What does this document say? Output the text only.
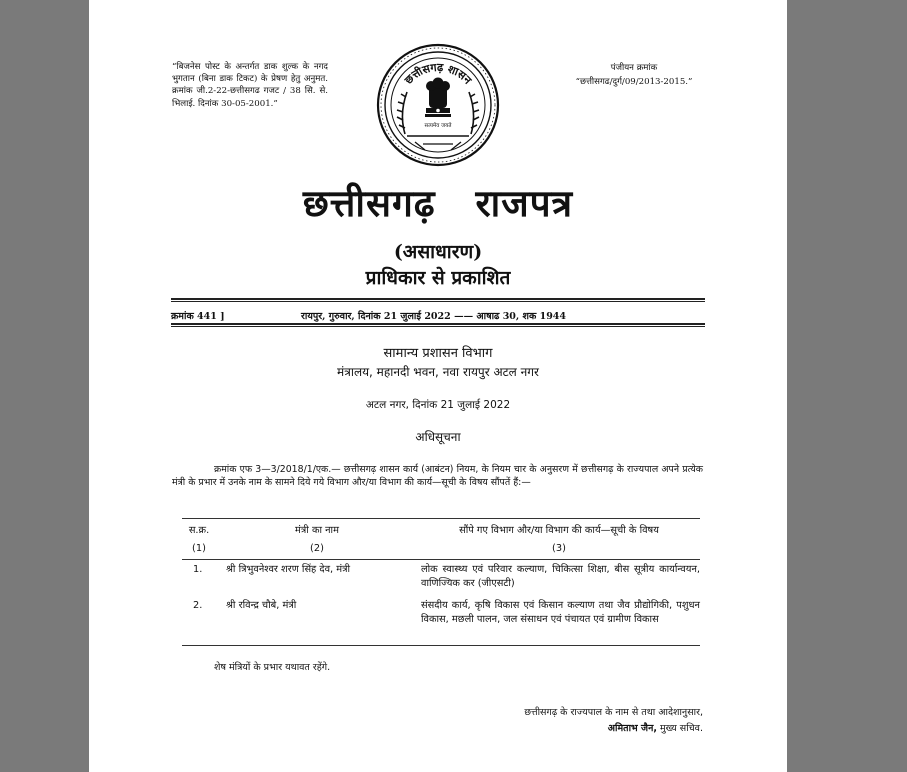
“बिजनेस पोस्ट के अन्तर्गत डाक शुल्क के नगद भुगतान (बिना डाक टिकट) के प्रेषण हेतु अनुमत. क्रमांक जी.2-22-छत्तीसगढ गजट / 38 सि. से. भिलाई. दिनांक 30-05-2001.”
पंजीयन क्रमांक
“छत्तीसगढ/दुर्ग/09/2013-2015.”
छत्तीसगढ़ शासन
सत्यमेव जयते
छत्तीसगढ़ राजपत्र
(असाधारण)
प्राधिकार से प्रकाशित
क्रमांक 441 ]	रायपुर, गुरुवार, दिनांक 21 जुलाई 2022 —— आषाढ 30, शक 1944
सामान्य प्रशासन विभाग
मंत्रालय, महानदी भवन, नवा रायपुर अटल नगर
अटल नगर, दिनांक 21 जुलाई 2022
अधिसूचना
क्रमांक एफ 3—3/2018/1/एक.— छत्तीसगढ़ शासन कार्य (आबंटन) नियम, के नियम चार के अनुसरण में छत्तीसगढ़ के राज्यपाल अपने प्रत्येक मंत्री के प्रभार में उनके नाम के सामने दिये गये विभाग और/या विभाग की कार्य—सूची के विषय सौंपतें हैं:—
स.क्र.	मंत्री का नाम	सौंपे गए विभाग और/या विभाग की कार्य—सूची के विषय
(1)	(2)	(3)
1. श्री त्रिभुवनेश्वर शरण सिंह देव, मंत्री	लोक स्वास्थ्य एवं परिवार कल्याण, चिकित्सा शिक्षा, बीस सूत्रीय कार्यान्वयन, वाणिज्यिक कर (जीएसटी)
2. श्री रविन्द्र चौबे, मंत्री	संसदीय कार्य, कृषि विकास एवं किसान कल्याण तथा जैव प्रौद्योगिकी, पशुधन विकास, मछली पालन, जल संसाधन एवं पंचायत एवं ग्रामीण विकास
शेष मंत्रियों के प्रभार यथावत रहेंगे.
छत्तीसगढ़ के राज्यपाल के नाम से तथा आदेशानुसार,
अमिताभ जैन, मुख्य सचिव.
